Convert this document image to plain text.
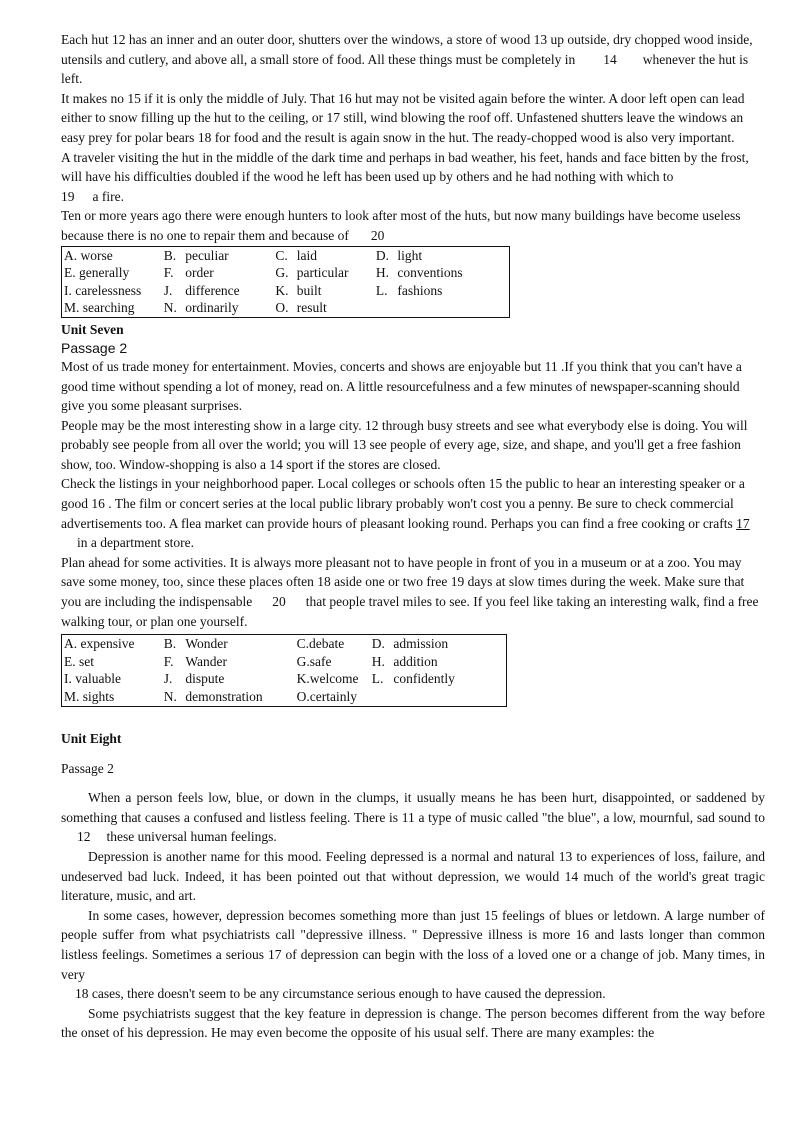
Each hut 12 has an inner and an outer door, shutters over the windows, a store of wood 13 up outside, dry chopped wood inside, utensils and cutlery, and above all, a small store of food. All these things must be completely in 14 whenever the hut is left.

It makes no 15 if it is only the middle of July. That 16 hut may not be visited again before the winter. A door left open can lead either to snow filling up the hut to the ceiling, or 17 still, wind blowing the roof off. Unfastened shutters leave the windows an easy prey for polar bears 18 for food and the result is again snow in the hut. The ready-chopped wood is also very important.

A traveler visiting the hut in the middle of the dark time and perhaps in bad weather, his feet, hands and face bitten by the frost, will have his difficulties doubled if the wood he left has been used up by others and he had nothing with which to
19 a fire.

Ten or more years ago there were enough hunters to look after most of the huts, but now many buildings have become useless because there is no one to repair them and because of 20

A. worse	B.	peculiar	C.	laid	D.	light
E. generally	F.	order	G.	particular	H.	conventions
I. carelessness	J.	difference	K.	built	L.	fashions
M. searching	N.	ordinarily	O.	result		

Unit Seven

Passage 2

Most of us trade money for entertainment. Movies, concerts and shows are enjoyable but 11 .If you think that you can't have a good time without spending a lot of money, read on. A little resourcefulness and a few minutes of newspaper-scanning should give you some pleasant surprises.

People may be the most interesting show in a large city. 12 through busy streets and see what everybody else is doing. You will probably see people from all over the world; you will 13 see people of every age, size, and shape, and you'll get a free fashion show, too. Window-shopping is also a 14 sport if the stores are closed.

Check the listings in your neighborhood paper. Local colleges or schools often 15 the public to hear an interesting speaker or a good 16 . The film or concert series at the local public library probably won't cost you a penny. Be sure to check commercial advertisements too. A flea market can provide hours of pleasant looking round. Perhaps you can find a free cooking or crafts 17in a department store.

Plan ahead for some activities. It is always more pleasant not to have people in front of you in a museum or at a zoo. You may save some money, too, since these places often 18 aside one or two free 19 days at slow times during the week. Make sure that you are including the indispensable 20 that people travel miles to see. If you feel like taking an interesting walk, find a free walking tour, or plan one yourself.

A. expensive	B.	Wonder	C.debate	D.	admission
E. set	F.	Wander	G.safe	H.	addition
I. valuable	J.	dispute	K.welcome	L.	confidently
M. sights	N.	demonstration	O.certainly		

Unit Eight

Passage 2

When a person feels low, blue, or down in the clumps, it usually means he has been hurt, disappointed, or saddened by something that causes a confused and listless feeling. There is 11 a type of music called "the blue", a low, mournful, sad sound to12 these universal human feelings.

Depression is another name for this mood. Feeling depressed is a normal and natural 13 to experiences of loss, failure, and undeserved bad luck. Indeed, it has been pointed out that without depression, we would 14 much of the world's great tragic literature, music, and art.

In some cases, however, depression becomes something more than just 15 feelings of blues or letdown. A large number of people suffer from what psychiatrists call "depressive illness. " Depressive illness is more 16 and lasts longer than common listless feelings. Sometimes a serious 17 of depression can begin with the loss of a loved one or a change of job. Many times, in very

18 cases, there doesn't seem to be any circumstance serious enough to have caused the depression.

Some psychiatrists suggest that the key feature in depression is change. The person becomes different from the way before the onset of his depression. He may even become the opposite of his usual self. There are many examples: the
